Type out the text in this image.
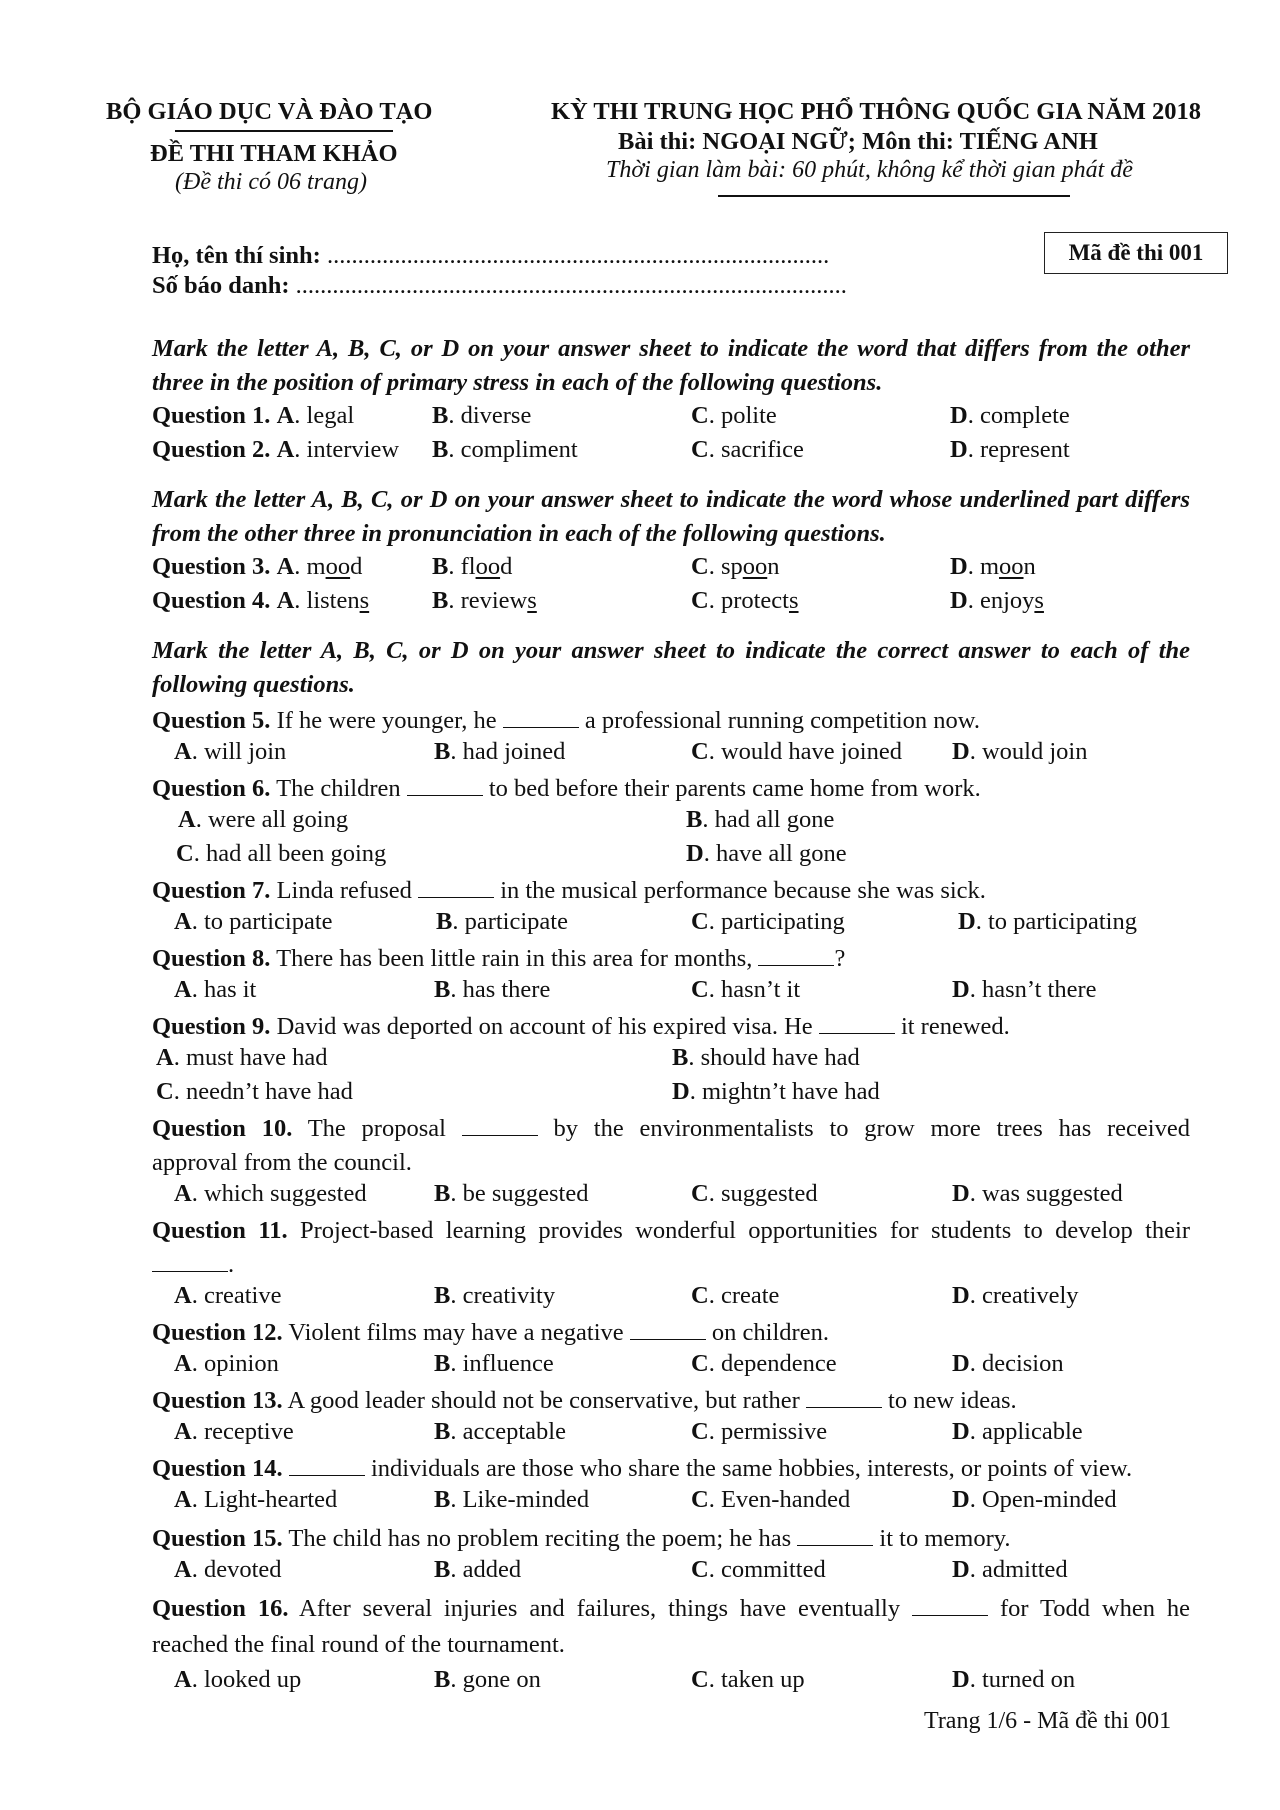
BỘ GIÁO DỤC VÀ ĐÀO TẠO
ĐỀ THI THAM KHẢO
(Đề thi có 06 trang)
KỲ THI TRUNG HỌC PHỔ THÔNG QUỐC GIA NĂM 2018
Bài thi: NGOẠI NGỮ; Môn thi: TIẾNG ANH
Thời gian làm bài: 60 phút, không kể thời gian phát đề
Họ, tên thí sinh: ..................................................................................
Số báo danh: ..........................................................................................
Mã đề thi 001
Mark the letter A, B, C, or D on your answer sheet to indicate the word that differs from the other three in the position of primary stress in each of the following questions.
Question 1. A. legal	B. diverse	C. polite	D. complete
Question 2. A. interview B. compliment	C. sacrifice	D. represent
Mark the letter A, B, C, or D on your answer sheet to indicate the word whose underlined part differs from the other three in pronunciation in each of the following questions.
Question 3. A. mood	B. flood	C. spoon	D. moon
Question 4. A. listens	B. reviews	C. protects	D. enjoys
Mark the letter A, B, C, or D on your answer sheet to indicate the correct answer to each of the following questions.
Question 5. If he were younger, he	a professional running competition now.
A. will join	B. had joined	C. would have joined D. would join
Question 6. The children	to bed before their parents came home from work.
A. were all going	B. had all gone
C. had all been going	D. have all gone
Question 7. Linda refused	in the musical performance because she was sick.
A. to participate	B. participate	C. participating	D. to participating
Question 8. There has been little rain in this area for months,	?
A. has it	B. has there	C. hasn’t it	D. hasn’t there
Question 9. David was deported on account of his expired visa. He	it renewed.
A. must have had	B. should have had
C. needn’t have had	D. mightn’t have had
Question 10. The proposal	by the environmentalists to grow more trees has received
approval from the council.
A. which suggested	B. be suggested	C. suggested	D. was suggested
Question 11. Project-based learning provides wonderful opportunities for students to develop their
.
A. creative	B. creativity	C. create	D. creatively
Question 12. Violent films may have a negative	on children.
A. opinion	B. influence	C. dependence	D. decision
Question 13. A good leader should not be conservative, but rather	to new ideas.
A. receptive	B. acceptable	C. permissive	D. applicable
Question 14.	individuals are those who share the same hobbies, interests, or points of view.
A. Light-hearted	B. Like-minded	C. Even-handed	D. Open-minded
Question 15. The child has no problem reciting the poem; he has	it to memory.
A. devoted	B. added	C. committed	D. admitted
Question 16. After several injuries and failures, things have eventually	for Todd when he
reached the final round of the tournament.
A. looked up	B. gone on	C. taken up	D. turned on
Trang 1/6 - Mã đề thi 001
